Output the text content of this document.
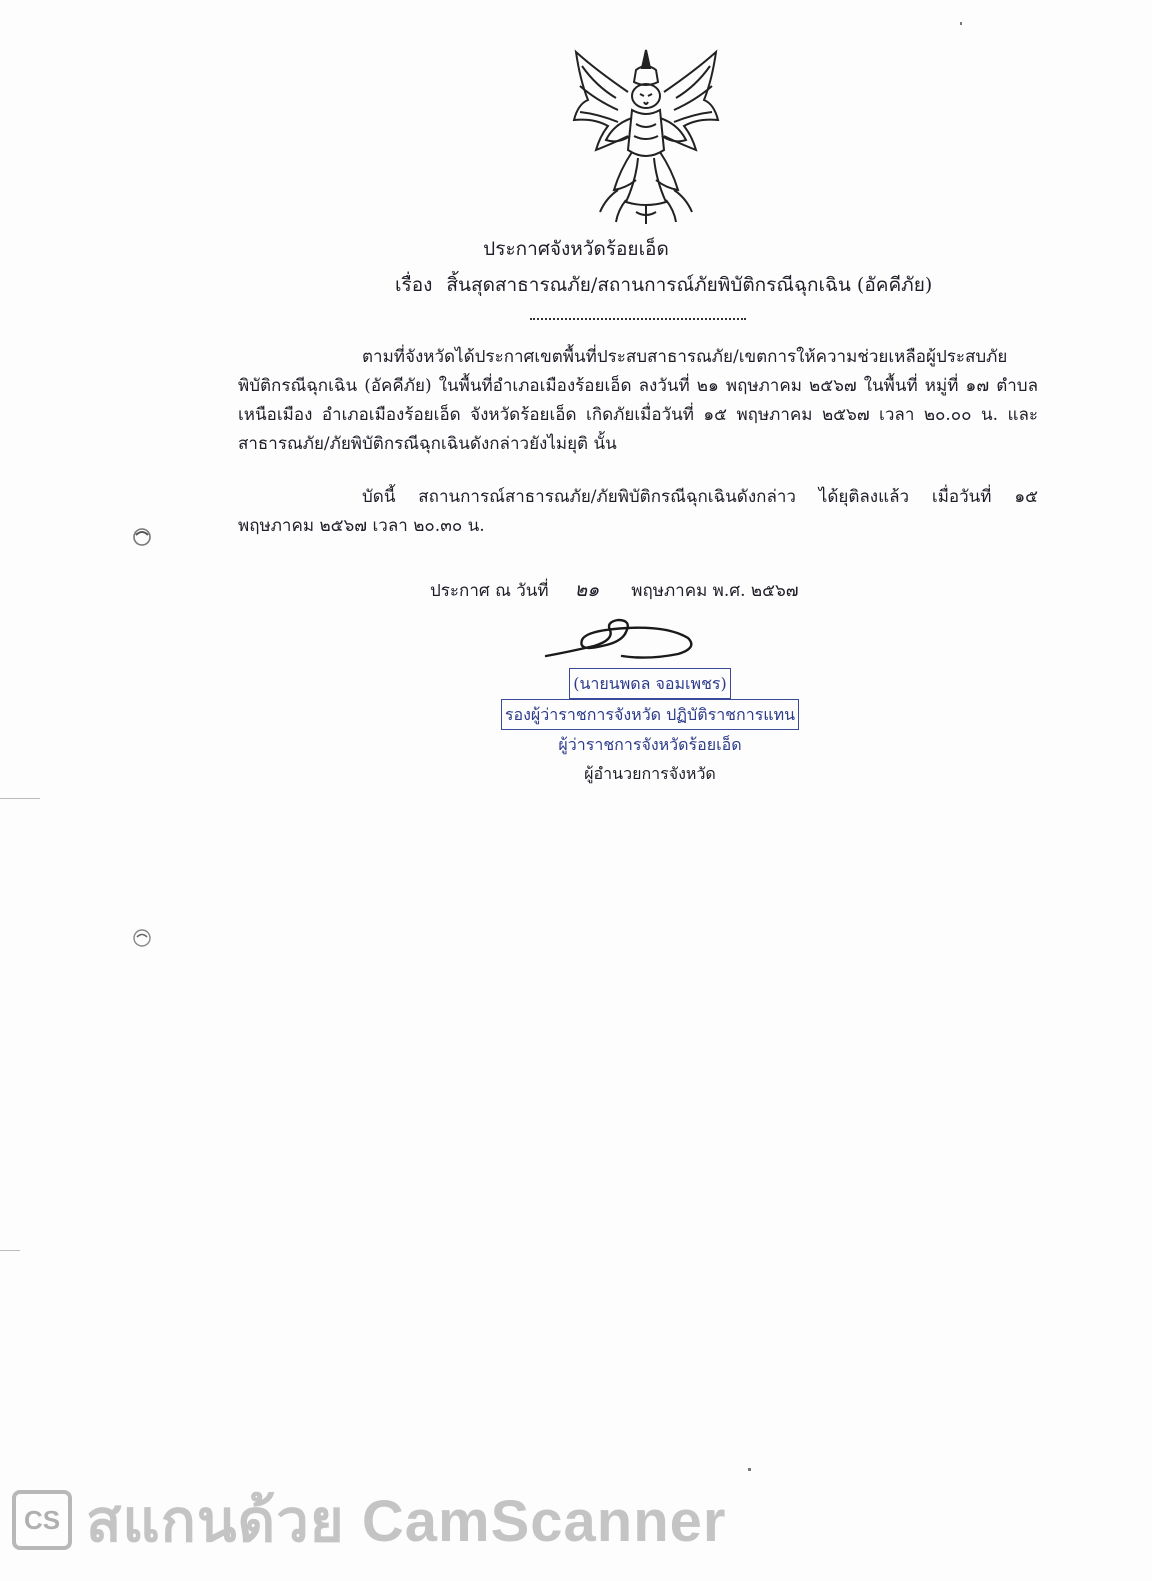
ประกาศจังหวัดร้อยเอ็ด
เรื่อง สิ้นสุดสาธารณภัย/สถานการณ์ภัยพิบัติกรณีฉุกเฉิน (อัคคีภัย)
ตามที่จังหวัดได้ประกาศเขตพื้นที่ประสบสาธารณภัย/เขตการให้ความช่วยเหลือผู้ประสบภัยพิบัติกรณีฉุกเฉิน (อัคคีภัย) ในพื้นที่อำเภอเมืองร้อยเอ็ด ลงวันที่ ๒๑ พฤษภาคม ๒๕๖๗ ในพื้นที่ หมู่ที่ ๑๗ ตำบลเหนือเมือง อำเภอเมืองร้อยเอ็ด จังหวัดร้อยเอ็ด เกิดภัยเมื่อวันที่ ๑๕ พฤษภาคม ๒๕๖๗ เวลา ๒๐.๐๐ น. และสาธารณภัย/ภัยพิบัติกรณีฉุกเฉินดังกล่าวยังไม่ยุติ นั้น
บัดนี้ สถานการณ์สาธารณภัย/ภัยพิบัติกรณีฉุกเฉินดังกล่าว ได้ยุติลงแล้ว เมื่อวันที่ ๑๕ พฤษภาคม ๒๕๖๗ เวลา ๒๐.๓๐ น.
ประกาศ ณ วันที่ ๒๑ พฤษภาคม พ.ศ. ๒๕๖๗
(นายนพดล จอมเพชร)
รองผู้ว่าราชการจังหวัด ปฏิบัติราชการแทน
ผู้ว่าราชการจังหวัดร้อยเอ็ด
ผู้อำนวยการจังหวัด
CS สแกนด้วย CamScanner
